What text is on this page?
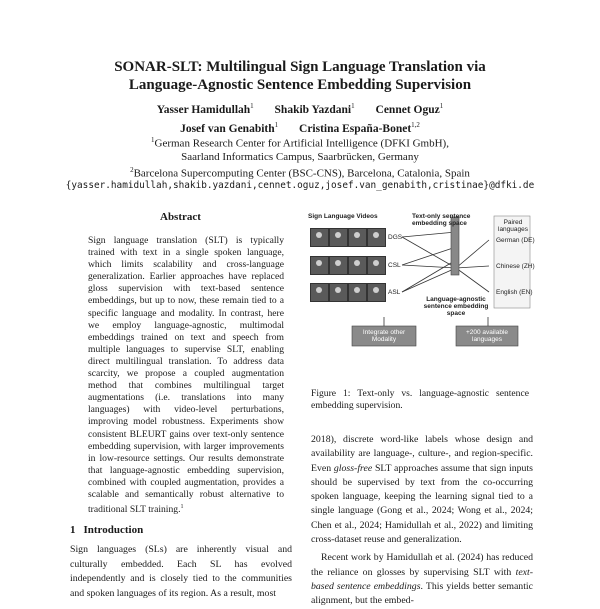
SONAR-SLT: Multilingual Sign Language Translation via
Language-Agnostic Sentence Embedding Supervision
Yasser Hamidullah$^1$ Shakib Yazdani$^1$ Cennet Oguz$^1$
Josef van Genabith$^1$ Cristina España-Bonet$^{1,2}$
$^1$German Research Center for Artificial Intelligence (DFKI GmbH),
Saarland Informatics Campus, Saarbrücken, Germany
$^2$Barcelona Supercomputing Center (BSC-CNS), Barcelona, Catalonia, Spain
{yasser.hamidullah,shakib.yazdani,cennet.oguz,josef.van_genabith,cristinae}@dfki.de
Abstract
Sign language translation (SLT) is typically trained with text in a single spoken language, which limits scalability and cross-language generalization. Earlier approaches have replaced gloss supervision with text-based sentence embeddings, but up to now, these remain tied to a specific language and modality. In contrast, here we employ language-agnostic, multimodal embeddings trained on text and speech from multiple languages to supervise SLT, enabling direct multilingual translation. To address data scarcity, we propose a coupled augmentation method that combines multilingual target augmentations (i.e. translations into many languages) with video-level perturbations, improving model robustness. Experiments show consistent BLEURT gains over text-only sentence embedding supervision, with larger improvements in low-resource settings. Our results demonstrate that language-agnostic embedding supervision, combined with coupled augmentation, provides a scalable and semantically robust alternative to traditional SLT training.$^1$
1 Introduction
Sign languages (SLs) are inherently visual and culturally embedded. Each SL has evolved independently and is closely tied to the communities and spoken languages of its region. As a result, most
Sign Language Videos	Text-only sentence
embedding space
DGS
CSL
ASL
Paired
languages
German (DE)
Chinese (ZH)
English (EN)
Language-agnostic
sentence embedding
space
Integrate other
Modality
+200 available
languages
Figure 1: Text-only vs. language-agnostic sentence embedding supervision.

2018), discrete word-like labels whose design and availability are language-, culture-, and region-specific. Even gloss-free SLT approaches assume that sign inputs should be supervised by text from the co-occurring spoken language, keeping the learning signal tied to a single language (Gong et al., 2024; Wong et al., 2024; Chen et al., 2024; Hamidullah et al., 2022) and limiting cross-dataset reuse and generalization.

Recent work by Hamidullah et al. (2024) has reduced the reliance on glosses by supervising SLT with text-based sentence embeddings. This yields better semantic alignment, but the embed-
